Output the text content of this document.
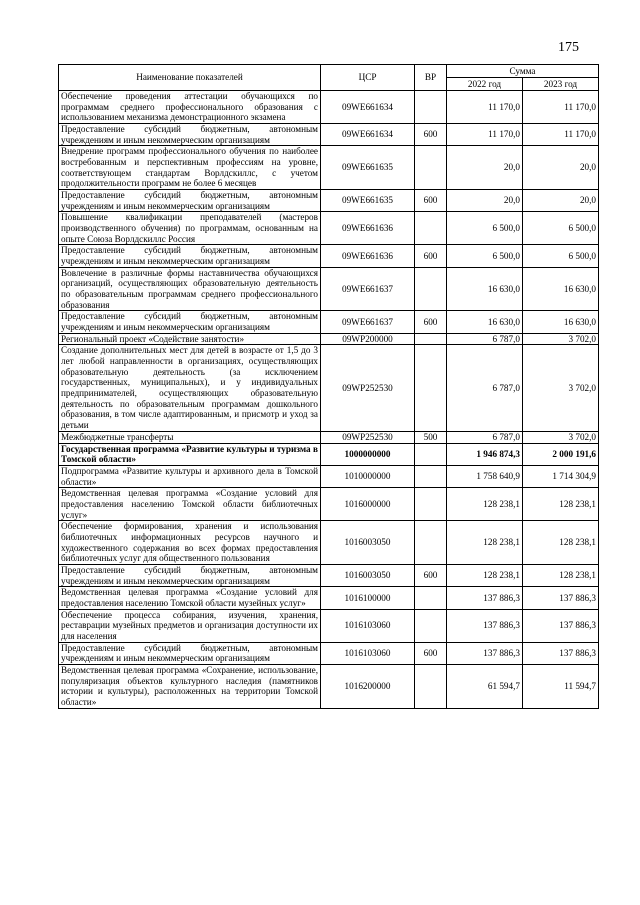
175
Наименование показателей	ЦСР	ВР	Сумма	
			2022 год	2023 год
Обеспечение проведения аттестации обучающихся по программам среднего профессионального образования с использованием механизма демонстрационного экзамена	09WE661634		11 170,0	11 170,0
Предоставление субсидий бюджетным, автономным учреждениям и иным некоммерческим организациям	09WE661634	600	11 170,0	11 170,0
Внедрение программ профессионального обучения по наиболее востребованным и перспективным профессиям на уровне, соответствующем стандартам Ворлдскиллс, с учетом продолжительности программ не более 6 месяцев	09WE661635		20,0	20,0
Предоставление субсидий бюджетным, автономным учреждениям и иным некоммерческим организациям	09WE661635	600	20,0	20,0
Повышение квалификации преподавателей (мастеров производственного обучения) по программам, основанным на опыте Союза Ворлдскиллс Россия	09WE661636		6 500,0	6 500,0
Предоставление субсидий бюджетным, автономным учреждениям и иным некоммерческим организациям	09WE661636	600	6 500,0	6 500,0
Вовлечение в различные формы наставничества обучающихся организаций, осуществляющих образовательную деятельность по образовательным программам среднего профессионального образования	09WE661637		16 630,0	16 630,0
Предоставление субсидий бюджетным, автономным учреждениям и иным некоммерческим организациям	09WE661637	600	16 630,0	16 630,0
Региональный проект «Содействие занятости»	09WP200000		6 787,0	3 702,0
Создание дополнительных мест для детей в возрасте от 1,5 до 3 лет любой направленности в организациях, осуществляющих образовательную деятельность (за исключением государственных, муниципальных), и у индивидуальных предпринимателей, осуществляющих образовательную деятельность по образовательным программам дошкольного образования, в том числе адаптированным, и присмотр и уход за детьми	09WP252530		6 787,0	3 702,0
Межбюджетные трансферты	09WP252530	500	6 787,0	3 702,0
Государственная программа «Развитие культуры и туризма в Томской области»	1000000000		1 946 874,3	2 000 191,6
Подпрограмма «Развитие культуры и архивного дела в Томской области»	1010000000		1 758 640,9	1 714 304,9
Ведомственная целевая программа «Создание условий для предоставления населению Томской области библиотечных услуг»	1016000000		128 238,1	128 238,1
Обеспечение формирования, хранения и использования библиотечных информационных ресурсов научного и художественного содержания во всех формах предоставления библиотечных услуг для общественного пользования	1016003050		128 238,1	128 238,1
Предоставление субсидий бюджетным, автономным учреждениям и иным некоммерческим организациям	1016003050	600	128 238,1	128 238,1
Ведомственная целевая программа «Создание условий для предоставления населению Томской области музейных услуг»	1016100000		137 886,3	137 886,3
Обеспечение процесса собирания, изучения, хранения, реставрации музейных предметов и организация доступности их для населения	1016103060		137 886,3	137 886,3
Предоставление субсидий бюджетным, автономным учреждениям и иным некоммерческим организациям	1016103060	600	137 886,3	137 886,3
Ведомственная целевая программа «Сохранение, использование, популяризация объектов культурного наследия (памятников истории и культуры), расположенных на территории Томской области»	1016200000		61 594,7	11 594,7
